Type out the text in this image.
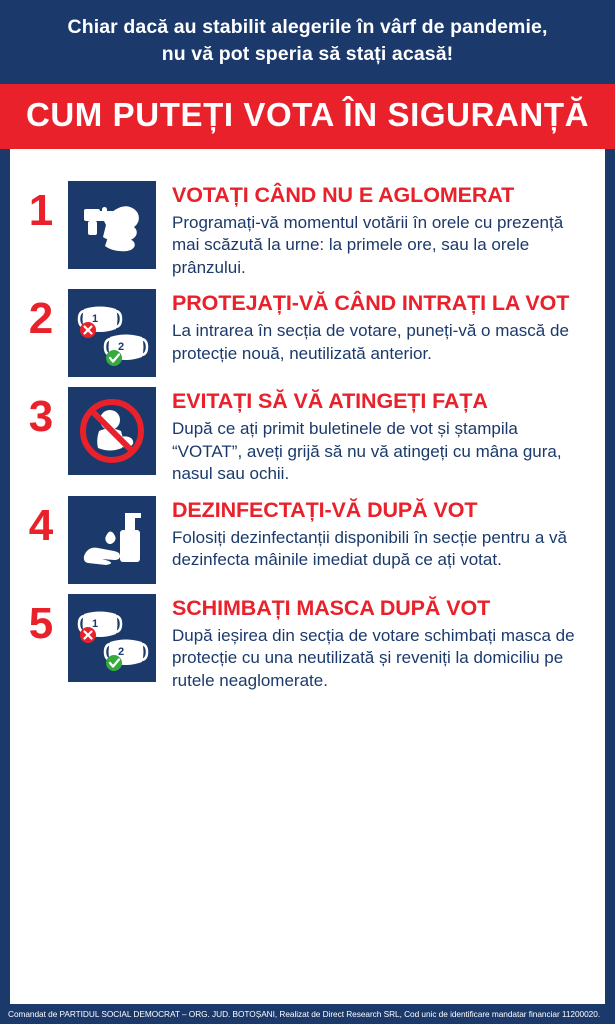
Chiar dacă au stabilit alegerile în vârf de pandemie,
nu vă pot speria să stați acasă!
CUM PUTEȚI VOTA ÎN SIGURANȚĂ
1	VOTAȚI CÂND NU E AGLOMERAT
Programați-vă momentul votării în orele cu prezență mai scăzută la urne: la primele ore, sau la orele prânzului.
2	1
2
PROTEJAȚI-VĂ CÂND INTRAȚI LA VOT
La intrarea în secția de votare, puneți-vă o mască de protecție nouă, neutilizată anterior.
3	EVITAȚI SĂ VĂ ATINGEȚI FAȚA
După ce ați primit buletinele de vot și ștampila “VOTAT”, aveți grijă să nu vă atingeți cu mâna gura, nasul sau ochii.
4	DEZINFECTAȚI-VĂ DUPĂ VOT
Folosiți dezinfectanții disponibili în secție pentru a vă dezinfecta mâinile imediat după ce ați votat.
5	1
2
SCHIMBAȚI MASCA DUPĂ VOT
După ieșirea din secția de votare schimbați masca de protecție cu una neutilizată și reveniți la domiciliu pe rutele neaglomerate.
Comandat de PARTIDUL SOCIAL DEMOCRAT – ORG. JUD. BOTOȘANI, Realizat de Direct Research SRL, Cod unic de identificare mandatar financiar 11200020.
